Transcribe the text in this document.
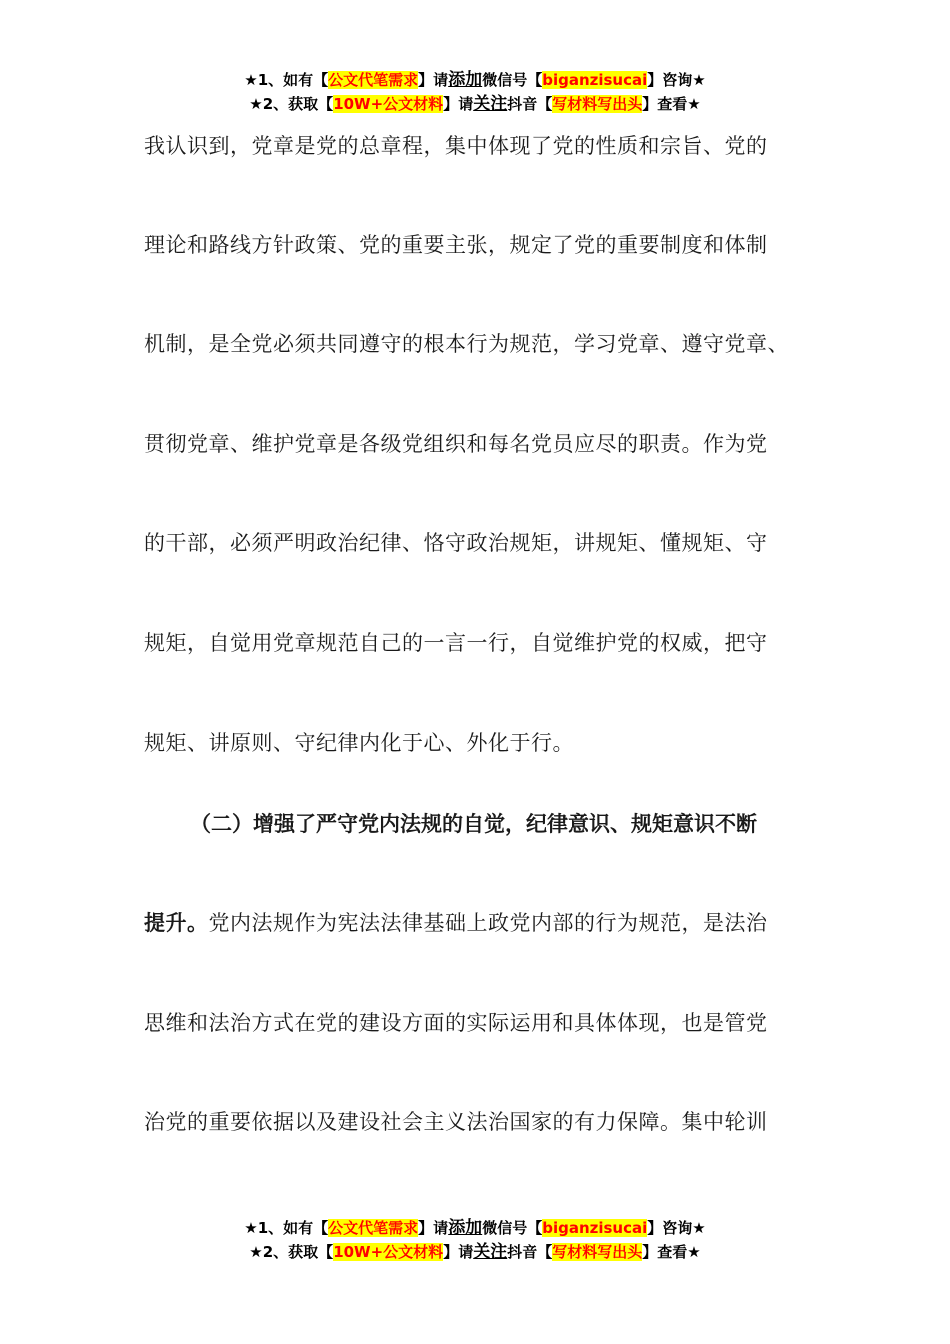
★1、如有【公文代笔需求】请添加微信号【biganzisucai】咨询★
★2、获取【10W+公文材料】请关注抖音【写材料写出头】查看★
我认识到，党章是党的总章程，集中体现了党的性质和宗旨、党的
理论和路线方针政策、党的重要主张，规定了党的重要制度和体制
机制，是全党必须共同遵守的根本行为规范，学习党章、遵守党章、
贯彻党章、维护党章是各级党组织和每名党员应尽的职责。作为党
的干部，必须严明政治纪律、恪守政治规矩，讲规矩、懂规矩、守
规矩，自觉用党章规范自己的一言一行，自觉维护党的权威，把守
规矩、讲原则、守纪律内化于心、外化于行。
（二）增强了严守党内法规的自觉，纪律意识、规矩意识不断
提升。党内法规作为宪法法律基础上政党内部的行为规范，是法治
思维和法治方式在党的建设方面的实际运用和具体体现，也是管党
治党的重要依据以及建设社会主义法治国家的有力保障。集中轮训
★1、如有【公文代笔需求】请添加微信号【biganzisucai】咨询★
★2、获取【10W+公文材料】请关注抖音【写材料写出头】查看★
